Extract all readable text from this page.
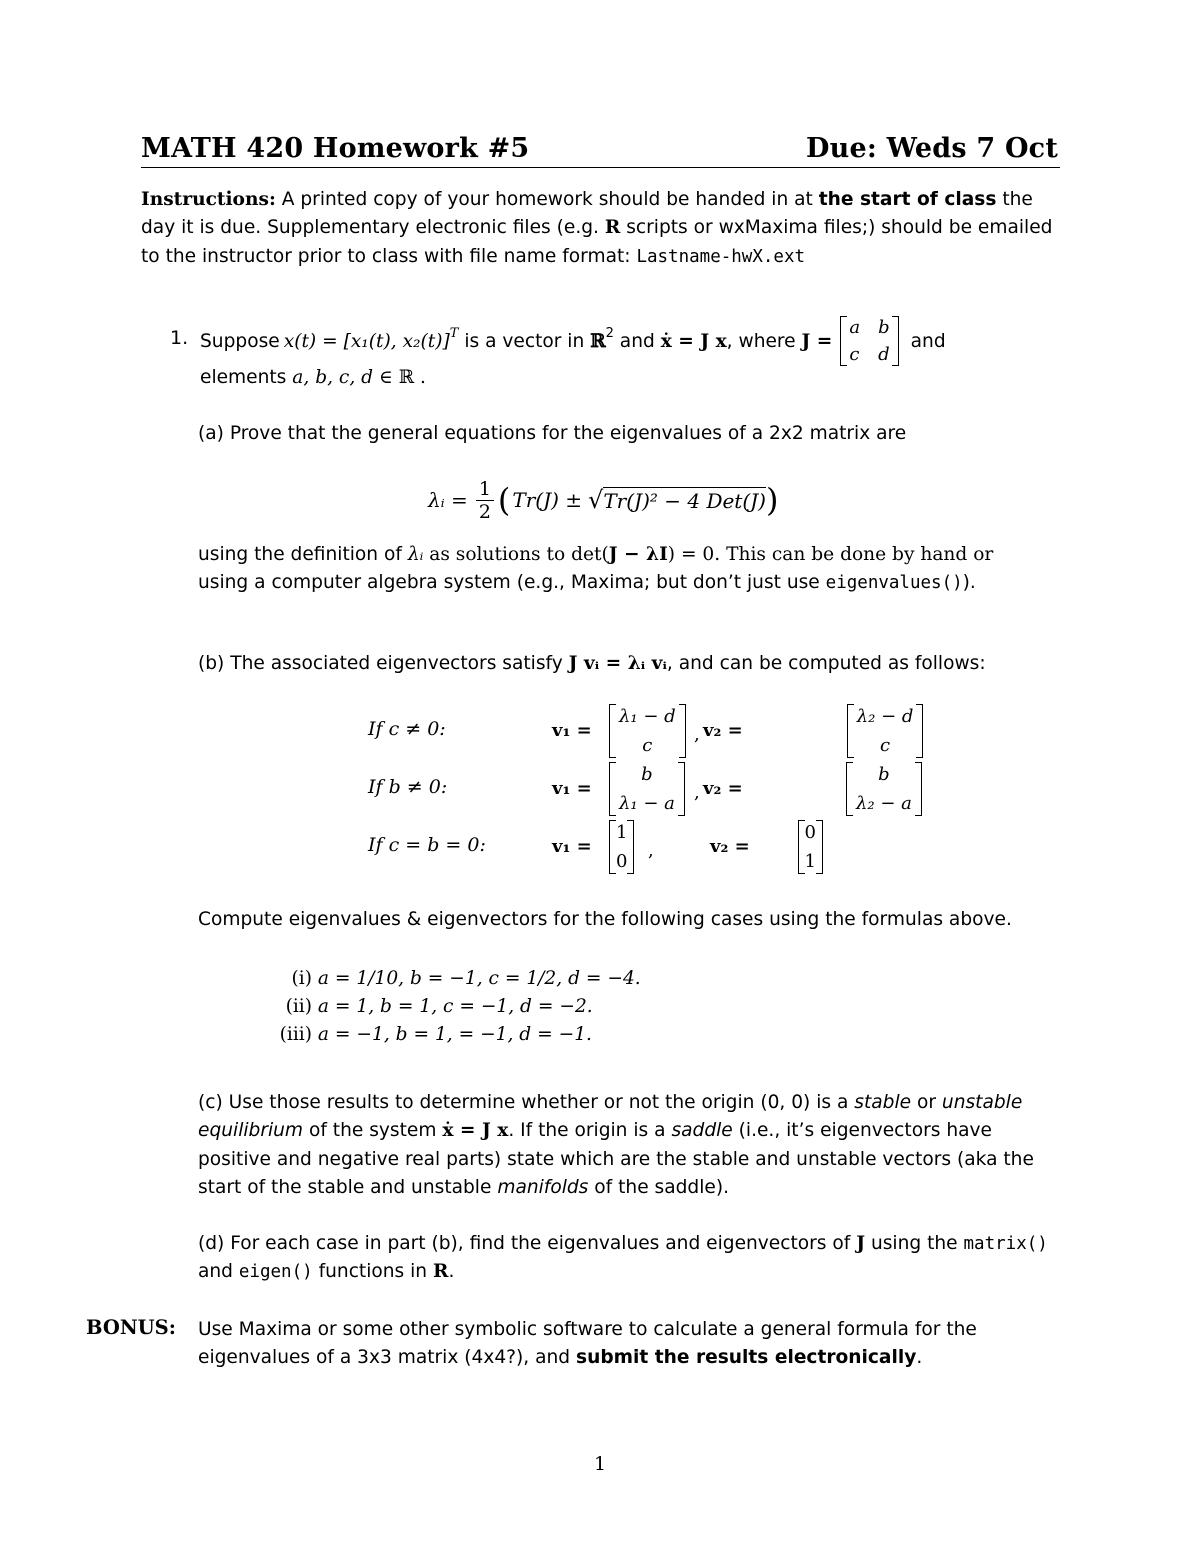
MATH 420 Homework #5	Due: Weds 7 Oct
Instructions: A printed copy of your homework should be handed in at the start of class the day it is due. Supplementary electronic files (e.g. R scripts or wxMaxima files;) should be emailed to the instructor prior to class with file name format: Lastname-hwX.ext
1. Suppose x(t) = [x₁(t), x₂(t)]$^T$ is a vector in ℝ$^2$ and ẋ = J x , where J =
a b
c d
and
elements a, b, c, d ∈ ℝ .
(a) Prove that the general equations for the eigenvalues of a 2x2 matrix are
λᵢ = $\frac{1}{2}$ ( Tr(J) ± √ Tr(J)² − 4 Det(J) )
using the definition of λᵢ as solutions to det(J − λI) = 0. This can be done by hand or
using a computer algebra system (e.g., Maxima; but don’t just use eigenvalues()).
(b) The associated eigenvectors satisfy J vᵢ = λᵢ vᵢ, and can be computed as follows:
If c ≠ 0:	v₁ =
λ₁ − d
c

, v₂ =
λ₂ − d
c
If b ≠ 0:	v₁ =
b
λ₁ − a

, v₂ =
b
λ₂ − a
If c = b = 0:	v₁ =
1
0

,	v₂ =
0
1
Compute eigenvalues & eigenvectors for the following cases using the formulas above.
(i) a = 1/10, b = −1, c = 1/2, d = −4.
(ii) a = 1, b = 1, c = −1, d = −2.
(iii) a = −1, b = 1, = −1, d = −1.
(c) Use those results to determine whether or not the origin (0, 0) is a stable or unstable equilibrium of the system ẋ = J x. If the origin is a saddle (i.e., it’s eigenvectors have positive and negative real parts) state which are the stable and unstable vectors (aka the start of the stable and unstable manifolds of the saddle).
(d) For each case in part (b), find the eigenvalues and eigenvectors of J using the matrix() and eigen() functions in R.
BONUS: Use Maxima or some other symbolic software to calculate a general formula for the eigenvalues of a 3x3 matrix (4x4?), and submit the results electronically.
1
